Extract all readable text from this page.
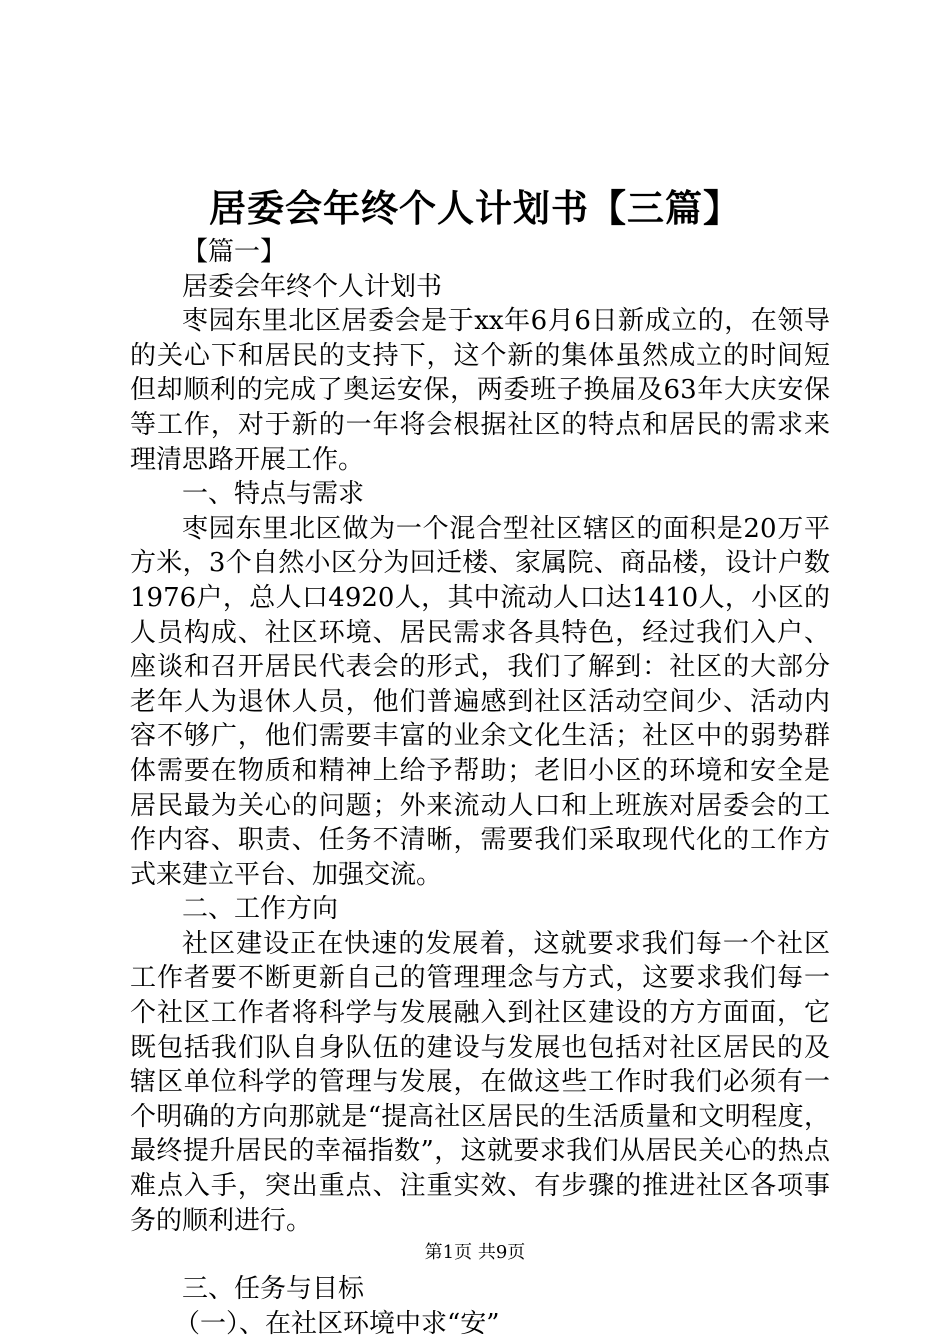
居委会年终个人计划书【三篇】

【篇一】

居委会年终个人计划书

枣园东里北区居委会是于xx年6月6日新成立的，在领导的关心下和居民的支持下，这个新的集体虽然成立的时间短但却顺利的完成了奥运安保，两委班子换届及63年大庆安保等工作，对于新的一年将会根据社区的特点和居民的需求来理清思路开展工作。

一、特点与需求

枣园东里北区做为一个混合型社区辖区的面积是20万平方米，3个自然小区分为回迁楼、家属院、商品楼，设计户数1976户，总人口4920人，其中流动人口达1410人，小区的人员构成、社区环境、居民需求各具特色，经过我们入户、座谈和召开居民代表会的形式，我们了解到：社区的大部分老年人为退休人员，他们普遍感到社区活动空间少、活动内容不够广，他们需要丰富的业余文化生活；社区中的弱势群体需要在物质和精神上给予帮助；老旧小区的环境和安全是居民最为关心的问题；外来流动人口和上班族对居委会的工作内容、职责、任务不清晰，需要我们采取现代化的工作方式来建立平台、加强交流。

二、工作方向

社区建设正在快速的发展着，这就要求我们每一个社区工作者要不断更新自己的管理理念与方式，这要求我们每一个社区工作者将科学与发展融入到社区建设的方方面面，它既包括我们队自身队伍的建设与发展也包括对社区居民的及辖区单位科学的管理与发展，在做这些工作时我们必须有一个明确的方向那就是“提高社区居民的生活质量和文明程度，最终提升居民的幸福指数”，这就要求我们从居民关心的热点难点入手，突出重点、注重实效、有步骤的推进社区各项事务的顺利进行。

三、任务与目标

（一）、在社区环境中求“安”

第1页 共9页
